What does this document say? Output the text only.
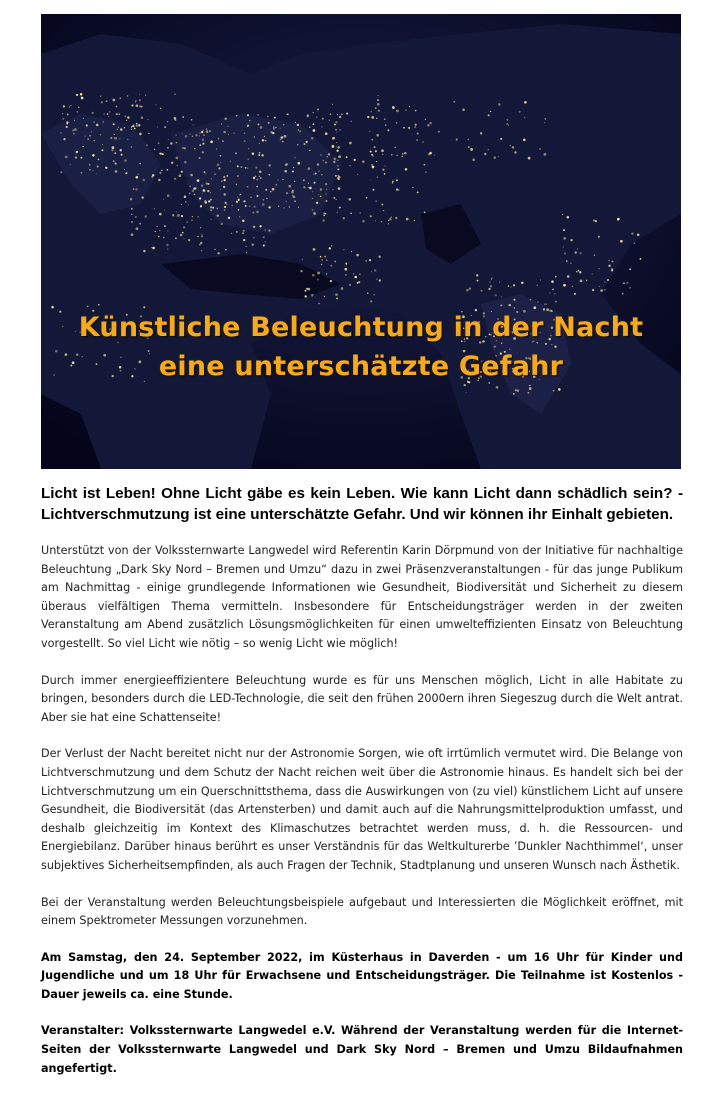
Künstliche Beleuchtung in der Nacht
eine unterschätzte Gefahr

Licht ist Leben! Ohne Licht gäbe es kein Leben. Wie kann Licht dann schädlich sein? - Lichtverschmutzung ist eine unterschätzte Gefahr. Und wir können ihr Einhalt gebieten.

Unterstützt von der Volkssternwarte Langwedel wird Referentin Karin Dörpmund von der Initiative für nachhaltige Beleuchtung „Dark Sky Nord – Bremen und Umzu“ dazu in zwei Präsenzveranstaltungen - für das junge Publikum am Nachmittag - einige grundlegende Informationen wie Gesundheit, Biodiversität und Sicherheit zu diesem überaus vielfältigen Thema vermitteln. Insbesondere für Entscheidungsträger werden in der zweiten Veranstaltung am Abend zusätzlich Lösungsmöglichkeiten für einen umwelteffizienten Einsatz von Beleuchtung vorgestellt. So viel Licht wie nötig – so wenig Licht wie möglich!

Durch immer energieeffizientere Beleuchtung wurde es für uns Menschen möglich, Licht in alle Habitate zu bringen, besonders durch die LED-Technologie, die seit den frühen 2000ern ihren Siegeszug durch die Welt antrat. Aber sie hat eine Schattenseite!

Der Verlust der Nacht bereitet nicht nur der Astronomie Sorgen, wie oft irrtümlich vermutet wird. Die Belange von Lichtverschmutzung und dem Schutz der Nacht reichen weit über die Astronomie hinaus. Es handelt sich bei der Lichtverschmutzung um ein Querschnittsthema, dass die Auswirkungen von (zu viel) künstlichem Licht auf unsere Gesundheit, die Biodiversität (das Artensterben) und damit auch auf die Nahrungsmittelproduktion umfasst, und deshalb gleichzeitig im Kontext des Klimaschutzes betrachtet werden muss, d. h. die Ressourcen- und Energiebilanz. Darüber hinaus berührt es unser Verständnis für das Weltkulturerbe ’Dunkler Nachthimmel‘, unser subjektives Sicherheitsempfinden, als auch Fragen der Technik, Stadtplanung und unseren Wunsch nach Ästhetik.

Bei der Veranstaltung werden Beleuchtungsbeispiele aufgebaut und Interessierten die Möglichkeit eröffnet, mit einem Spektrometer Messungen vorzunehmen.

Am Samstag, den 24. September 2022, im Küsterhaus in Daverden - um 16 Uhr für Kinder und Jugendliche und um 18 Uhr für Erwachsene und Entscheidungsträger. Die Teilnahme ist Kostenlos - Dauer jeweils ca. eine Stunde.

Veranstalter: Volkssternwarte Langwedel e.V. Während der Veranstaltung werden für die Internet-Seiten der Volkssternwarte Langwedel und Dark Sky Nord – Bremen und Umzu Bildaufnahmen angefertigt.
